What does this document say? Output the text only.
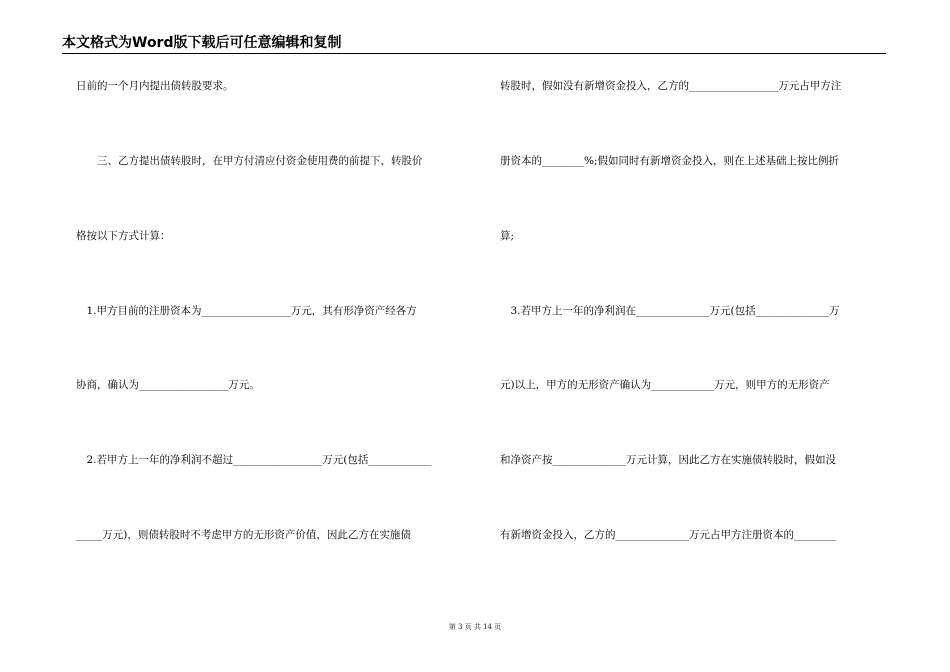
本文格式为Word版下载后可任意编辑和复制
日前的一个月内提出债转股要求。
　　三、乙方提出债转股时，在甲方付清应付资金使用费的前提下，转股价
格按以下方式计算：
　1.甲方目前的注册资本为_________________万元，其有形净资产经各方
协商，确认为_________________万元。
　2.若甲方上一年的净利润不超过_________________万元(包括____________
_____万元)，则债转股时不考虑甲方的无形资产价值，因此乙方在实施债
转股时，假如没有新增资金投入，乙方的_________________万元占甲方注
册资本的________%;假如同时有新增资金投入，则在上述基础上按比例折
算;
　3.若甲方上一年的净利润在______________万元(包括______________万
元)以上，甲方的无形资产确认为____________万元，则甲方的无形资产
和净资产按______________万元计算，因此乙方在实施债转股时，假如没
有新增资金投入，乙方的______________万元占甲方注册资本的________
第 3 页 共 14 页
